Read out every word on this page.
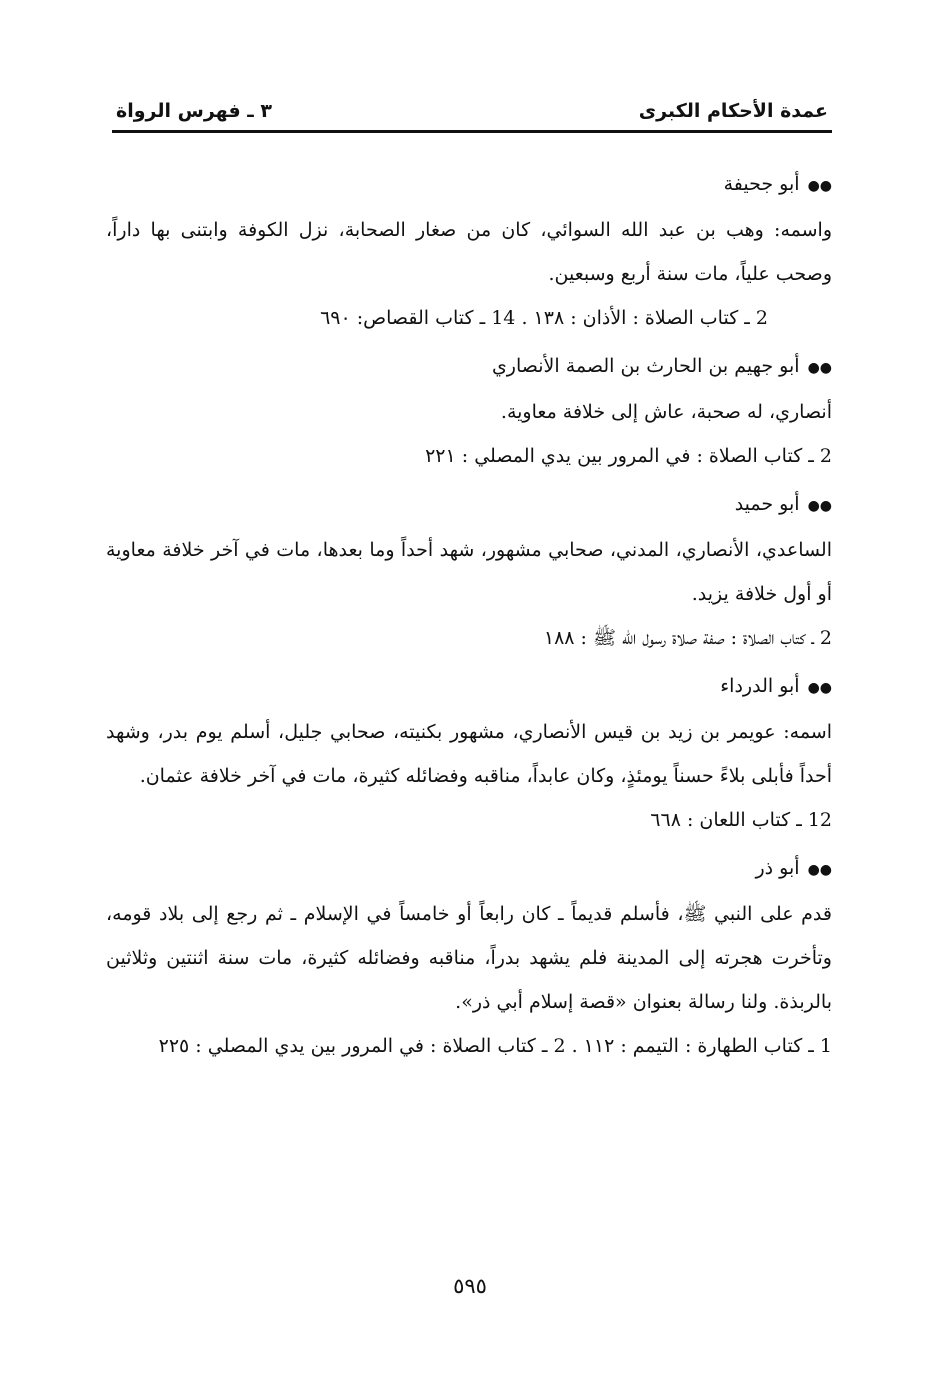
عمدة الأحكام الكبرى
٣ ـ فهرس الرواة
●●أبو جحيفة

واسمه: وهب بن عبد الله السوائي، كان من صغار الصحابة، نزل الكوفة وابتنى بها داراً، وصحب علياً، مات سنة أربع وسبعين.

2 ـ كتاب الصلاة : الأذان : ١٣٨ . 14 ـ كتاب القصاص: ٦٩٠
●●أبو جهيم بن الحارث بن الصمة الأنصاري

أنصاري، له صحبة، عاش إلى خلافة معاوية.

2 ـ كتاب الصلاة : في المرور بين يدي المصلي : ٢٢١
●●أبو حميد

الساعدي، الأنصاري، المدني، صحابي مشهور، شهد أحداً وما بعدها، مات في آخر خلافة معاوية أو أول خلافة يزيد.

2 ـ كتاب الصلاة : صفة صلاة رسول الله ﷺ : ١٨٨
●●أبو الدرداء

اسمه: عويمر بن زيد بن قيس الأنصاري، مشهور بكنيته، صحابي جليل، أسلم يوم بدر، وشهد أحداً فأبلى بلاءً حسناً يومئذٍ، وكان عابداً، مناقبه وفضائله كثيرة، مات في آخر خلافة عثمان.

12 ـ كتاب اللعان : ٦٦٨
●●أبو ذر

قدم على النبي ﷺ، فأسلم قديماً ـ كان رابعاً أو خامساً في الإسلام ـ ثم رجع إلى بلاد قومه، وتأخرت هجرته إلى المدينة فلم يشهد بدراً، مناقبه وفضائله كثيرة، مات سنة اثنتين وثلاثين بالربذة. ولنا رسالة بعنوان «قصة إسلام أبي ذر».

1 ـ كتاب الطهارة : التيمم : ١١٢ . 2 ـ كتاب الصلاة : في المرور بين يدي المصلي : ٢٢٥
٥٩٥
